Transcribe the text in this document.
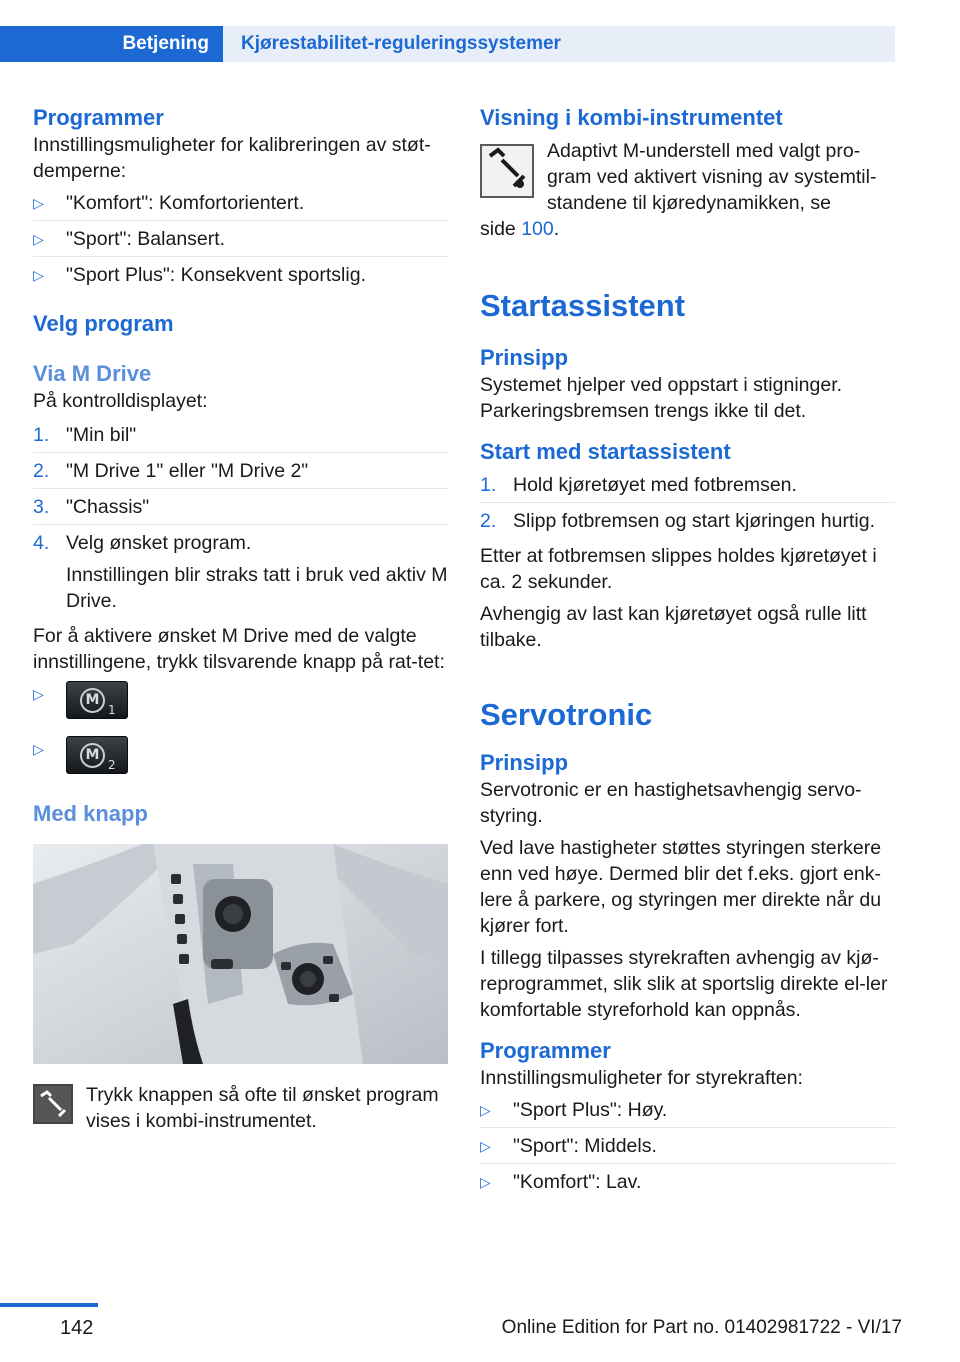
Betjening	Kjørestabilitet-reguleringssystemer
Programmer

Innstillingsmuligheter for kalibreringen av støt-demperne:

▷ "Komfort": Komfortorientert.
▷ "Sport": Balansert.
▷ "Sport Plus": Konsekvent sportslig.
Velg program
Via M Drive

På kontrolldisplayet:

1. "Min bil"
2. "M Drive 1" eller "M Drive 2"
3. "Chassis"
4. Velg ønsket program.
Innstillingen blir straks tatt i bruk ved aktiv M Drive.

For å aktivere ønsket M Drive med de valgte innstillingene, trykk tilsvarende knapp på rat-tet:

▷ M
1
▷ M
2
Med knapp

Trykk knappen så ofte til ønsket program vises i kombi-instrumentet.

Visning i kombi-instrumentet

Adaptivt M-understell med valgt pro-gram ved aktivert visning av systemtil-standene til kjøredynamikken, se

side 100.

Startassistent
Prinsipp

Systemet hjelper ved oppstart i stigninger. Parkeringsbremsen trengs ikke til det.

Start med startassistent
1. Hold kjøretøyet med fotbremsen.
2. Slipp fotbremsen og start kjøringen hurtig.

Etter at fotbremsen slippes holdes kjøretøyet i ca. 2 sekunder.

Avhengig av last kan kjøretøyet også rulle litt tilbake.

Servotronic
Prinsipp

Servotronic er en hastighetsavhengig servo-styring.

Ved lave hastigheter støttes styringen sterkere enn ved høye. Dermed blir det f.eks. gjort enk-lere å parkere, og styringen mer direkte når du kjører fort.

I tillegg tilpasses styrekraften avhengig av kjø-reprogrammet, slik slik at sportslig direkte el-ler komfortable styreforhold kan oppnås.

Programmer

Innstillingsmuligheter for styrekraften:

▷ "Sport Plus": Høy.
▷ "Sport": Middels.
▷ "Komfort": Lav.
142	Online Edition for Part no. 01402981722 - VI/17
